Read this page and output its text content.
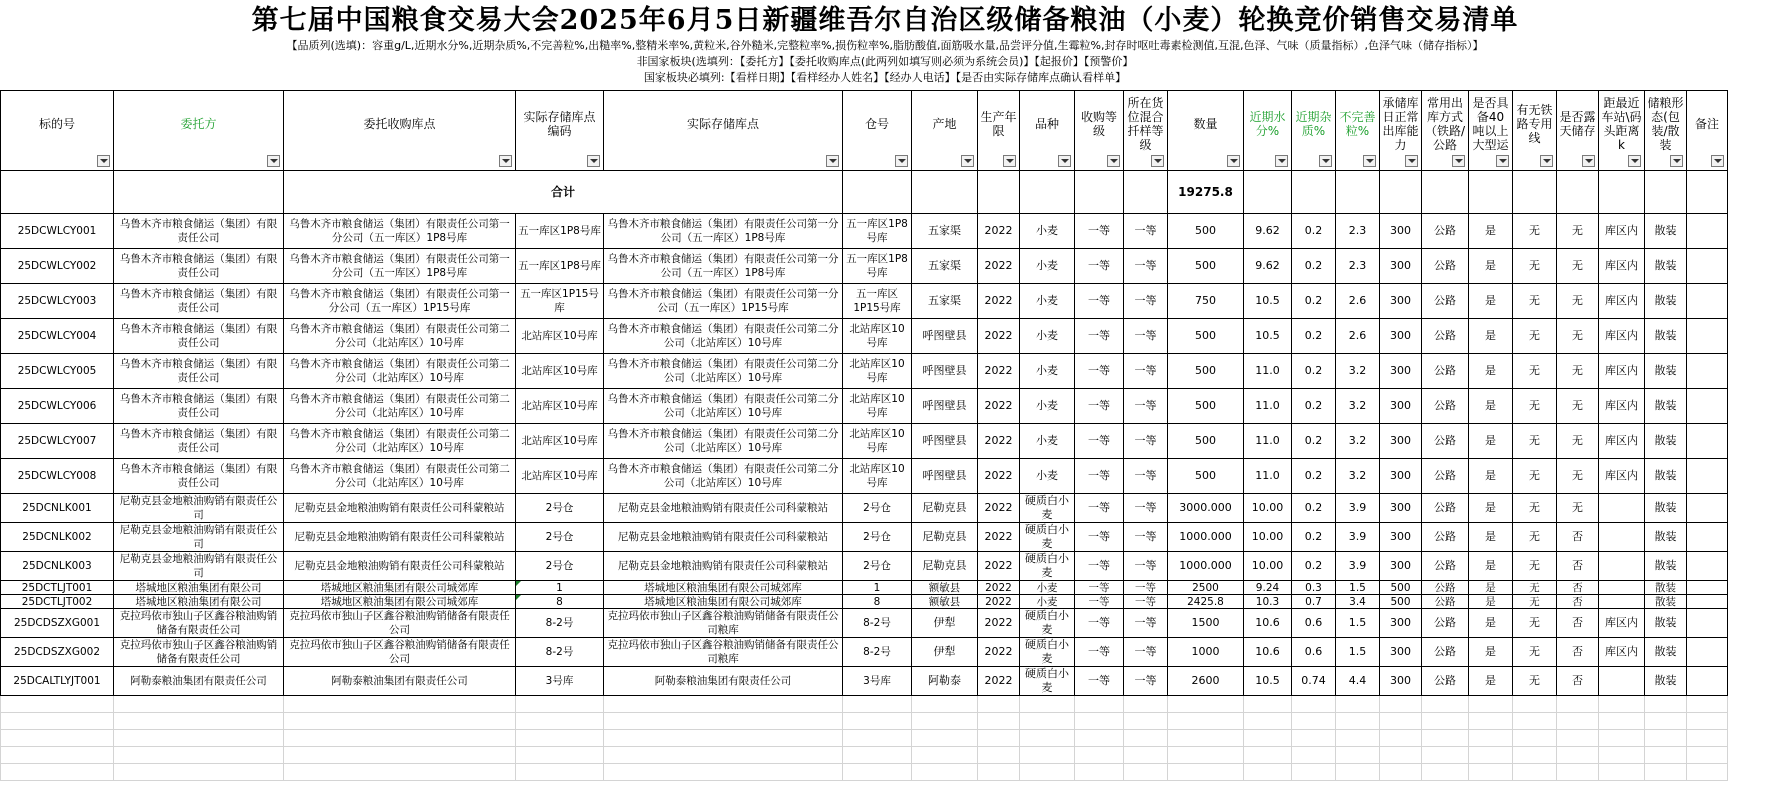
第七届中国粮食交易大会2025年6月5日新疆维吾尔自治区级储备粮油（小麦）轮换竞价销售交易清单
【品质列(选填)：容重g/L,近期水分%,近期杂质%,不完善粒%,出糙率%,整精米率%,黄粒米,谷外糙米,完整粒率%,损伤粒率%,脂肪酸值,面筋吸水量,品尝评分值,生霉粒%,封存时呕吐毒素检测值,互混,色泽、气味（质量指标）,色泽气味（储存指标）】
非国家板块(选填列：【委托方】【委托收购库点(此两列如填写则必须为系统会员)】【起报价】【预警价】
国家板块必填列:【看样日期】【看样经办人姓名】【经办人电话】【是否由实际存储库点确认看样单】
标的号	委托方	委托收购库点	实际存储库点编码	实际存储库点	仓号	产地	生产年限	品种	收购等级	所在货位混合扦样等级	数量	近期水分%	近期杂质%	不完善粒%	承储库日正常出库能力	常用出库方式（铁路/公路	是否具备40吨以上大型运	有无铁路专用线	是否露天储存	距最近车站\码头距离k	储粮形态(包装/散装	备注

		合计									19275.8											
25DCWLCY001	乌鲁木齐市粮食储运（集团）有限责任公司	乌鲁木齐市粮食储运（集团）有限责任公司第一分公司（五一库区）1P8号库	五一库区1P8号库	乌鲁木齐市粮食储运（集团）有限责任公司第一分公司（五一库区）1P8号库	五一库区1P8号库	五家渠	2022	小麦	一等	一等	500	9.62	0.2	2.3	300	公路	是	无	无	库区内	散装	
25DCWLCY002	乌鲁木齐市粮食储运（集团）有限责任公司	乌鲁木齐市粮食储运（集团）有限责任公司第一分公司（五一库区）1P8号库	五一库区1P8号库	乌鲁木齐市粮食储运（集团）有限责任公司第一分公司（五一库区）1P8号库	五一库区1P8号库	五家渠	2022	小麦	一等	一等	500	9.62	0.2	2.3	300	公路	是	无	无	库区内	散装	
25DCWLCY003	乌鲁木齐市粮食储运（集团）有限责任公司	乌鲁木齐市粮食储运（集团）有限责任公司第一分公司（五一库区）1P15号库	五一库区1P15号库	乌鲁木齐市粮食储运（集团）有限责任公司第一分公司（五一库区）1P15号库	五一库区1P15号库	五家渠	2022	小麦	一等	一等	750	10.5	0.2	2.6	300	公路	是	无	无	库区内	散装	
25DCWLCY004	乌鲁木齐市粮食储运（集团）有限责任公司	乌鲁木齐市粮食储运（集团）有限责任公司第二分公司（北站库区）10号库	北站库区10号库	乌鲁木齐市粮食储运（集团）有限责任公司第二分公司（北站库区）10号库	北站库区10号库	呼图壁县	2022	小麦	一等	一等	500	10.5	0.2	2.6	300	公路	是	无	无	库区内	散装	
25DCWLCY005	乌鲁木齐市粮食储运（集团）有限责任公司	乌鲁木齐市粮食储运（集团）有限责任公司第二分公司（北站库区）10号库	北站库区10号库	乌鲁木齐市粮食储运（集团）有限责任公司第二分公司（北站库区）10号库	北站库区10号库	呼图壁县	2022	小麦	一等	一等	500	11.0	0.2	3.2	300	公路	是	无	无	库区内	散装	
25DCWLCY006	乌鲁木齐市粮食储运（集团）有限责任公司	乌鲁木齐市粮食储运（集团）有限责任公司第二分公司（北站库区）10号库	北站库区10号库	乌鲁木齐市粮食储运（集团）有限责任公司第二分公司（北站库区）10号库	北站库区10号库	呼图壁县	2022	小麦	一等	一等	500	11.0	0.2	3.2	300	公路	是	无	无	库区内	散装	
25DCWLCY007	乌鲁木齐市粮食储运（集团）有限责任公司	乌鲁木齐市粮食储运（集团）有限责任公司第二分公司（北站库区）10号库	北站库区10号库	乌鲁木齐市粮食储运（集团）有限责任公司第二分公司（北站库区）10号库	北站库区10号库	呼图壁县	2022	小麦	一等	一等	500	11.0	0.2	3.2	300	公路	是	无	无	库区内	散装	
25DCWLCY008	乌鲁木齐市粮食储运（集团）有限责任公司	乌鲁木齐市粮食储运（集团）有限责任公司第二分公司（北站库区）10号库	北站库区10号库	乌鲁木齐市粮食储运（集团）有限责任公司第二分公司（北站库区）10号库	北站库区10号库	呼图壁县	2022	小麦	一等	一等	500	11.0	0.2	3.2	300	公路	是	无	无	库区内	散装	
25DCNLK001	尼勒克县金地粮油购销有限责任公司	尼勒克县金地粮油购销有限责任公司科蒙粮站	2号仓	尼勒克县金地粮油购销有限责任公司科蒙粮站	2号仓	尼勒克县	2022	硬质白小麦	一等	一等	3000.000	10.00	0.2	3.9	300	公路	是	无	无		散装	
25DCNLK002	尼勒克县金地粮油购销有限责任公司	尼勒克县金地粮油购销有限责任公司科蒙粮站	2号仓	尼勒克县金地粮油购销有限责任公司科蒙粮站	2号仓	尼勒克县	2022	硬质白小麦	一等	一等	1000.000	10.00	0.2	3.9	300	公路	是	无	否		散装	
25DCNLK003	尼勒克县金地粮油购销有限责任公司	尼勒克县金地粮油购销有限责任公司科蒙粮站	2号仓	尼勒克县金地粮油购销有限责任公司科蒙粮站	2号仓	尼勒克县	2022	硬质白小麦	一等	一等	1000.000	10.00	0.2	3.9	300	公路	是	无	否		散装	
25DCTLJT001	塔城地区粮油集团有限公司	塔城地区粮油集团有限公司城郊库	1	塔城地区粮油集团有限公司城郊库	1	额敏县	2022	小麦	一等	一等	2500	9.24	0.3	1.5	500	公路	是	无	否		散装	
25DCTLJT002	塔城地区粮油集团有限公司	塔城地区粮油集团有限公司城郊库	8	塔城地区粮油集团有限公司城郊库	8	额敏县	2022	小麦	一等	一等	2425.8	10.3	0.7	3.4	500	公路	是	无	否		散装	
25DCDSZXG001	克拉玛依市独山子区鑫谷粮油购销储备有限责任公司	克拉玛依市独山子区鑫谷粮油购销储备有限责任公司	8-2号	克拉玛依市独山子区鑫谷粮油购销储备有限责任公司粮库	8-2号	伊犁	2022	硬质白小麦	一等	一等	1500	10.6	0.6	1.5	300	公路	是	无	否	库区内	散装	
25DCDSZXG002	克拉玛依市独山子区鑫谷粮油购销储备有限责任公司	克拉玛依市独山子区鑫谷粮油购销储备有限责任公司	8-2号	克拉玛依市独山子区鑫谷粮油购销储备有限责任公司粮库	8-2号	伊犁	2022	硬质白小麦	一等	一等	1000	10.6	0.6	1.5	300	公路	是	无	否	库区内	散装	
25DCALTLYJT001	阿勒泰粮油集团有限责任公司	阿勒泰粮油集团有限责任公司	3号库	阿勒泰粮油集团有限责任公司	3号库	阿勒泰	2022	硬质白小麦	一等	一等	2600	10.5	0.74	4.4	300	公路	是	无	否		散装	
